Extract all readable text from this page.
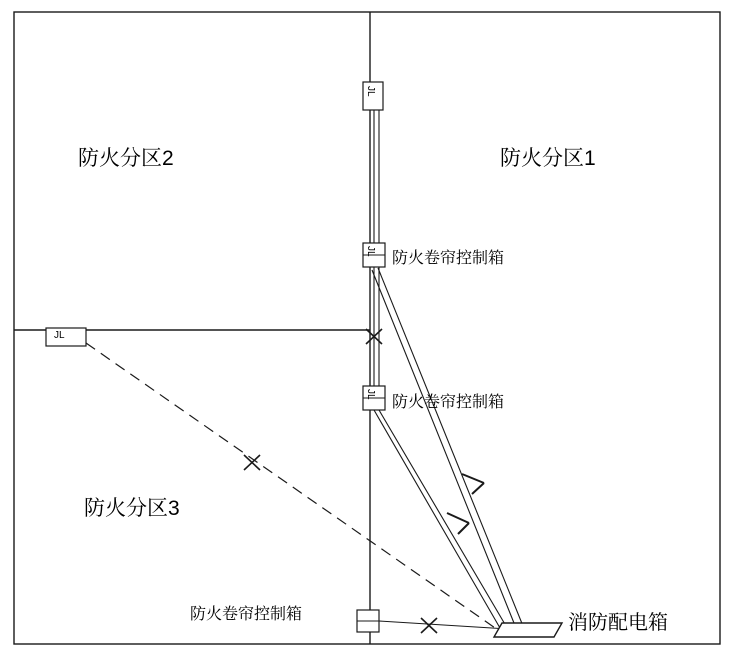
防火分区2	防火分区1
防火分区3
防火卷帘控制箱
防火卷帘控制箱
防火卷帘控制箱	消防配电箱
JL
JL
JL
JL
